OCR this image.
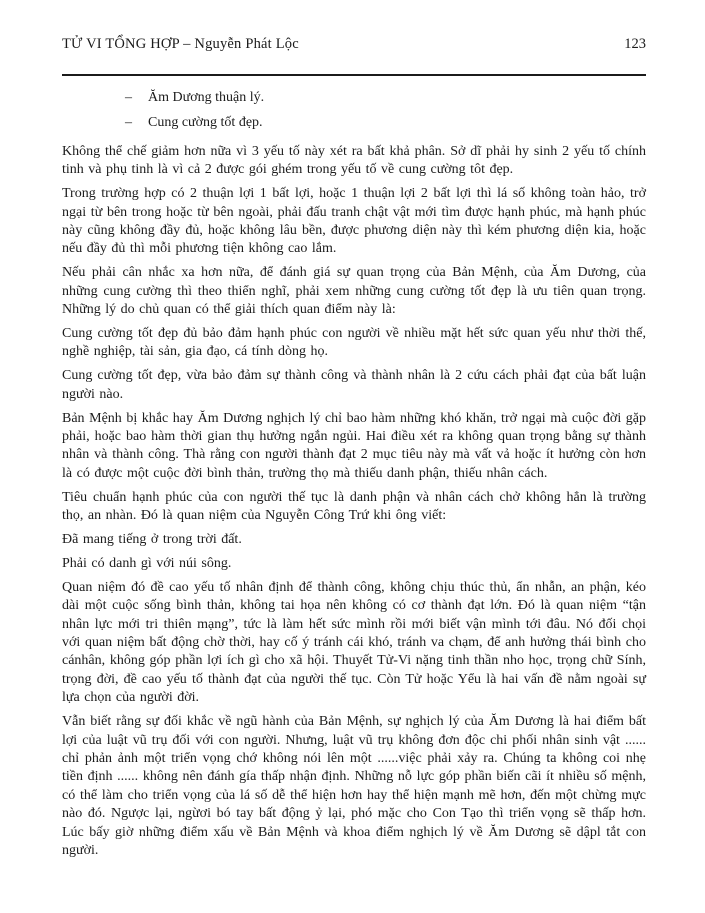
TỬ VI TỔNG HỢP – Nguyễn Phát Lộc	123
–	Ăm Dương thuận lý.
–	Cung cường tốt đẹp.

Không thể chế giảm hơn nữa vì 3 yếu tố này xét ra bất khả phân. Sở dĩ phải hy sinh 2 yếu tố chính tinh và phụ tinh là vì cả 2 được gói ghém trong yếu tố về cung cường tôt đẹp.

Trong trường hợp có 2 thuận lợi 1 bất lợi, hoặc 1 thuận lợi 2 bất lợi thì lá số không toàn hảo, trở ngại từ bên trong hoặc từ bên ngoài, phải đấu tranh chật vật mới tìm được hạnh phúc, mà hạnh phúc này cũng không đầy đủ, hoặc không lâu bền, được phương diện này thì kém phương diện kia, hoặc nếu đầy đủ thì mỗi phương tiện không cao lắm.

Nếu phải cân nhắc xa hơn nữa, để đánh giá sự quan trọng của Bản Mệnh, của Ăm Dương, của những cung cường thì theo thiển nghĩ, phải xem những cung cường tốt đẹp là ưu tiên quan trọng. Những lý do chủ quan có thể giải thích quan điểm này là:

Cung cường tốt đẹp đủ bảo đảm hạnh phúc con người về nhiều mặt hết sức quan yếu như thời thế, nghề nghiệp, tài sản, gia đạo, cá tính dòng họ.

Cung cường tốt đẹp, vừa bảo đảm sự thành công và thành nhân là 2 cứu cách phải đạt của bất luận người nào.

Bản Mệnh bị khắc hay Ăm Dương nghịch lý chỉ bao hàm những khó khăn, trở ngại mà cuộc đời gặp phải, hoặc bao hàm thời gian thụ hưởng ngắn ngủi. Hai điều xét ra không quan trọng bằng sự thành nhân và thành công. Thà rằng con người thành đạt 2 mục tiêu này mà vất vả hoặc ít hưởng còn hơn là có được một cuộc đời bình thản, trường thọ mà thiếu danh phận, thiếu nhân cách.

Tiêu chuẩn hạnh phúc của con người thế tục là danh phận và nhân cách chở không hẳn là trường thọ, an nhàn. Đó là quan niệm của Nguyễn Công Trứ khi ông viết:

Đã mang tiếng ở trong trời đất.

Phải có danh gì với núi sông.

Quan niệm đó đề cao yếu tố nhân định để thành công, không chịu thúc thủ, ẩn nhẫn, an phận, kéo dài một cuộc sống bình thản, không tai họa nên không có cơ thành đạt lớn. Đó là quan niệm “tận nhân lực mới tri thiên mạng”, tức là làm hết sức mình rồi mới biết vận mình tới đâu. Nó đối chọi với quan niệm bất động chờ thời, hay cố ý tránh cái khó, tránh va chạm, để anh hưởng thái bình cho cánhân, không góp phần lợi ích gì cho xã hội. Thuyết Tử-Vi nặng tinh thần nho học, trọng chữ Sính, trọng đời, đề cao yếu tố thành đạt của người thế tục. Còn Tử hoặc Yểu là hai vấn đề nằm ngoài sự lựa chọn của người đời.

Vẫn biết rằng sự đối khắc về ngũ hành của Bản Mệnh, sự nghịch lý của Ăm Dương là hai điểm bất lợi của luật vũ trụ đối với con người. Nhưng, luật vũ trụ không đơn độc chi phối nhân sinh vật ...... chỉ phản ảnh một triển vọng chớ không nói lên một ......việc phải xảy ra. Chúng ta không coi nhẹ tiền định ...... không nên đánh gía thấp nhận định. Những nỗ lực góp phần biến cãi ít nhiều số mệnh, có thể làm cho triển vọng của lá số dễ thể hiện hơn hay thể hiện mạnh mẽ hơn, đến một chừng mực nào đó. Ngược lại, ngừơi bó tay bất động ỷ lại, phó mặc cho Con Tạo thì triển vọng sẽ thấp hơn. Lúc bấy giờ những điểm xấu về Bản Mệnh và khoa điểm nghịch lý về Ăm Dương sẽ dậpl tắt con người.
